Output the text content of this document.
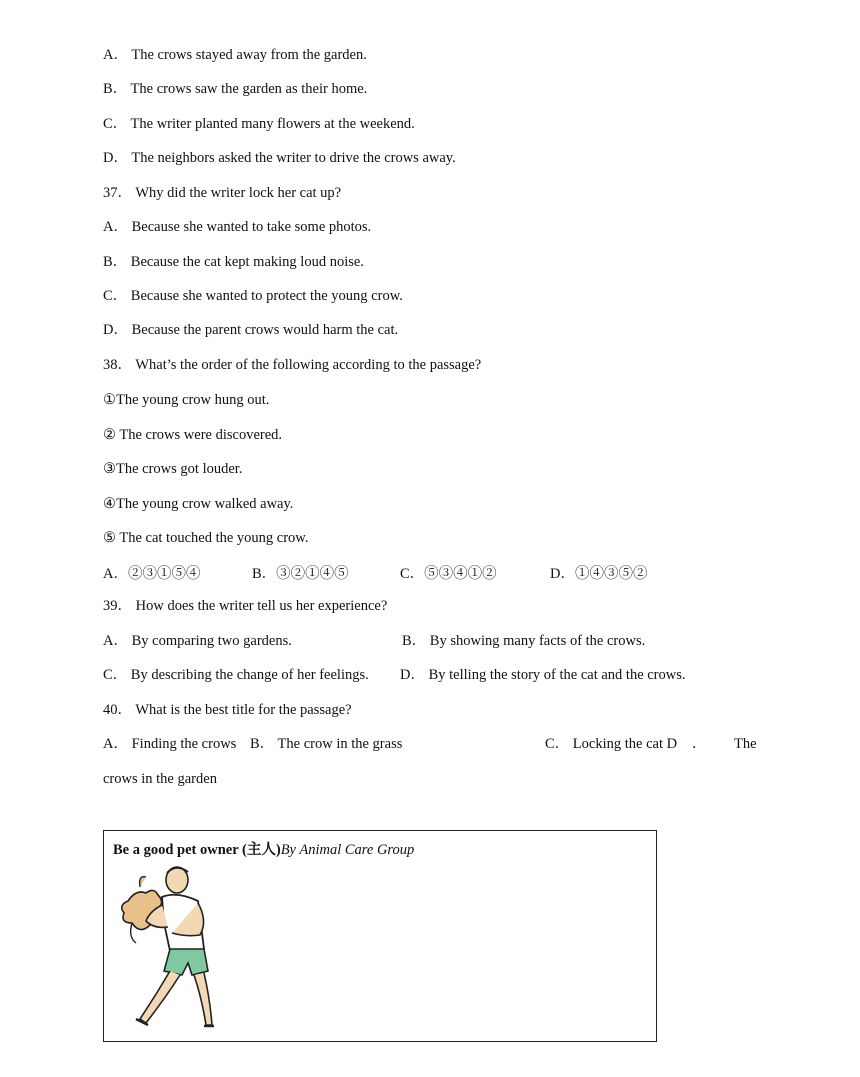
A． The crows stayed away from the garden.
B． The crows saw the garden as their home.
C． The writer planted many flowers at the weekend.
D． The neighbors asked the writer to drive the crows away.
37． Why did the writer lock her cat up?
A． Because she wanted to take some photos.
B． Because the cat kept making loud noise.
C． Because she wanted to protect the young crow.
D． Because the parent crows would harm the cat.
38． What’s the order of the following according to the passage?
①The young crow hung out.
② The crows were discovered.
③The crows got louder.
④The young crow walked away.
⑤ The cat touched the young crow.
A．②③①⑤④	B．③②①④⑤	C．⑤③④①②	D．①④③⑤②
39． How does the writer tell us her experience?
A． By comparing two gardens.	B． By showing many facts of the crows.
C． By describing the change of her feelings. D． By telling the story of the cat and the crows.
40． What is the best title for the passage?
A． Finding the crows B． The crow in the grass	C． Locking the cat D ． The
crows in the garden
Be a good pet owner (主人)By Animal Care Group
